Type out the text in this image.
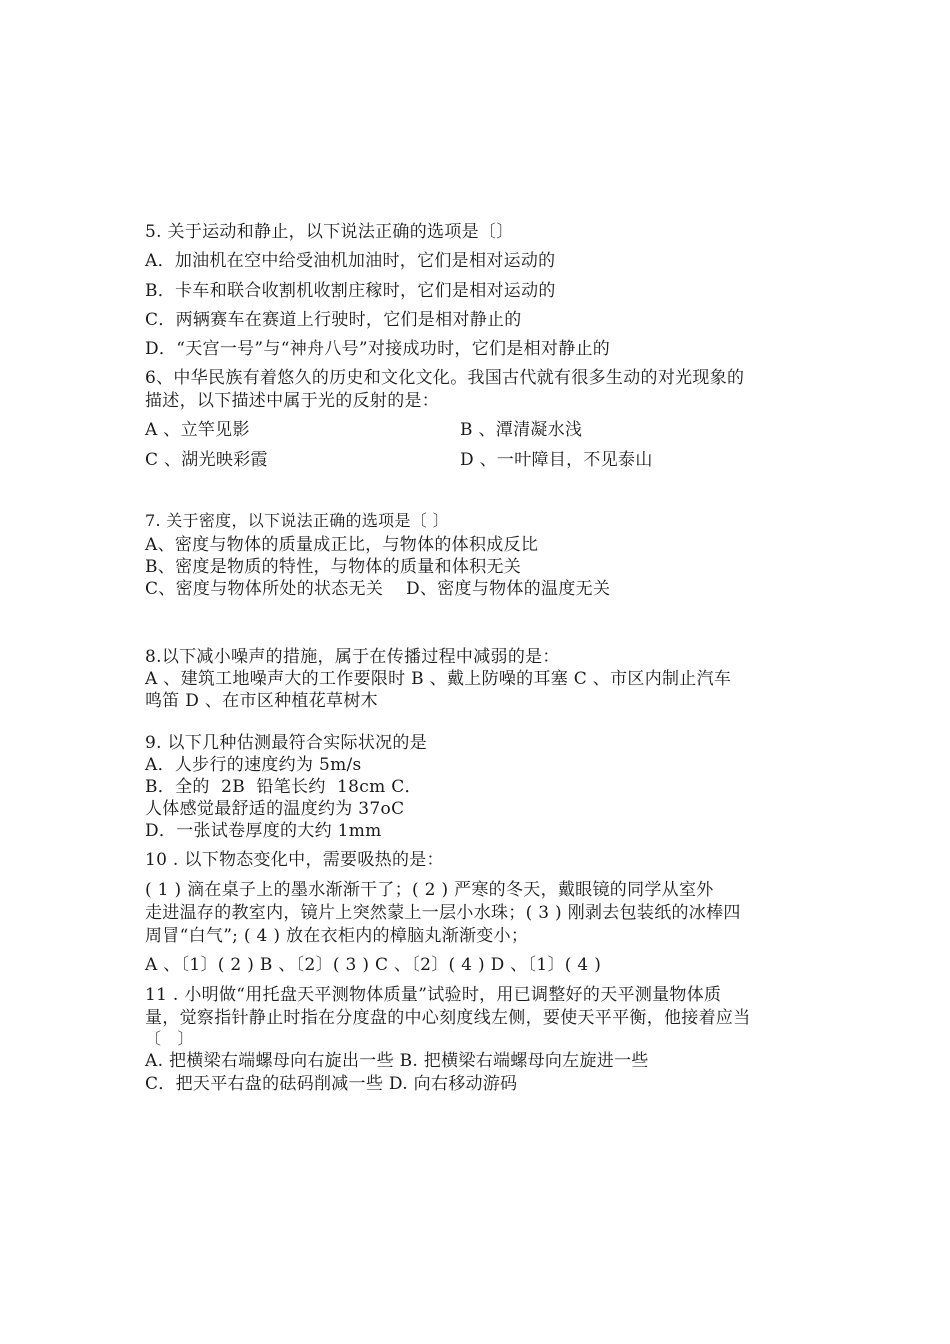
5. 关于运动和静止，以下说法正确的选项是〔〕
A．加油机在空中给受油机加油时，它们是相对运动的
B．卡车和联合收割机收割庄稼时，它们是相对运动的
C．两辆赛车在赛道上行驶时，它们是相对静止的
D．“天宫一号”与“神舟八号”对接成功时，它们是相对静止的
6、中华民族有着悠久的历史和文化文化。我国古代就有很多生动的对光现象的
描述，以下描述中属于光的反射的是：
A 、立竿见影	B 、潭清凝水浅
C 、湖光映彩霞	D 、一叶障目，不见泰山
7. 关于密度，以下说法正确的选项是〔 〕
A、密度与物体的质量成正比，与物体的体积成反比
B、密度是物质的特性，与物体的质量和体积无关
C、密度与物体所处的状态无关    D、密度与物体的温度无关
8.以下减小噪声的措施，属于在传播过程中减弱的是：
A 、建筑工地噪声大的工作要限时 B 、戴上防噪的耳塞 C 、市区内制止汽车
鸣笛 D 、在市区种植花草树木
9. 以下几种估测最符合实际状况的是
A．人步行的速度约为 5m/s
B．全的  2B  铅笔长约  18cm C．
人体感觉最舒适的温度约为 37oC
D．一张试卷厚度的大约 1mm
10 . 以下物态变化中，需要吸热的是：
( 1 ) 滴在桌子上的墨水渐渐干了；( 2 ) 严寒的冬天，戴眼镜的同学从室外
走进温存的教室内，镜片上突然蒙上一层小水珠；( 3 ) 刚剥去包装纸的冰棒四
周冒“白气”; ( 4 ) 放在衣柜内的樟脑丸渐渐变小；
A 、〔1〕( 2 ) B 、〔2〕( 3 ) C 、〔2〕( 4 ) D 、〔1〕( 4 )
11 . 小明做“用托盘天平测物体质量”试验时，用已调整好的天平测量物体质
量，觉察指针静止时指在分度盘的中心刻度线左侧，要使天平平衡，他接着应当
〔   〕
A. 把横梁右端螺母向右旋出一些 B. 把横梁右端螺母向左旋进一些
C．把天平右盘的砝码削减一些 D. 向右移动游码
